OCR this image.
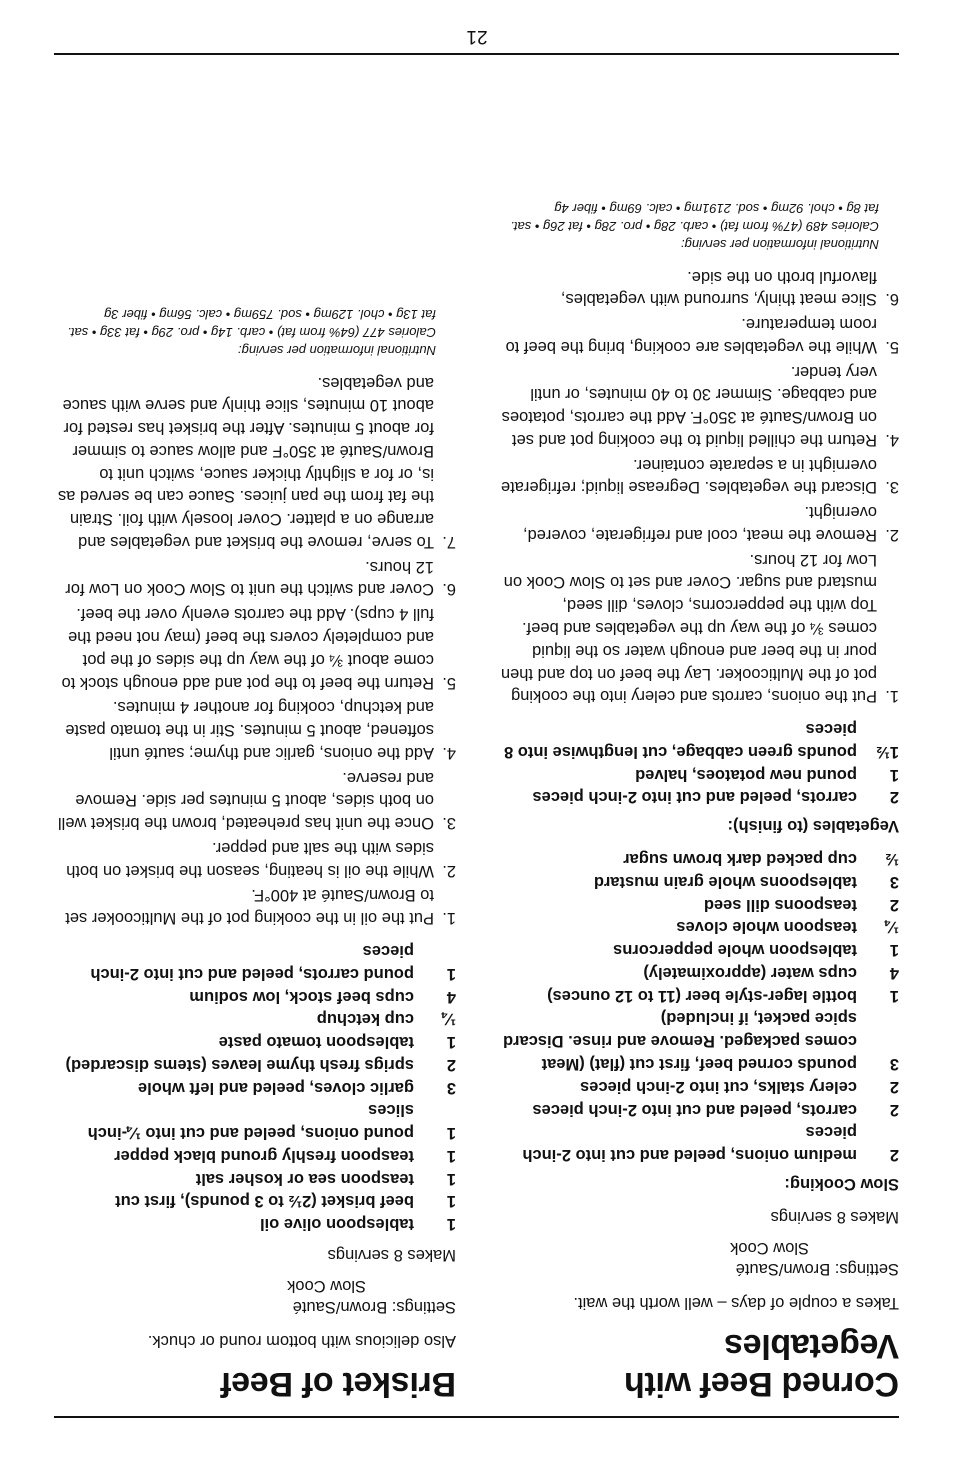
21
Corned Beef with Vegetables

Takes a couple of days – well worth the wait.

Settings: Brown/Sauté
Slow Cook

Makes 8 servings

Slow Cooking:
2
medium onions, peeled and cut into 2-inch pieces
2
carrots, peeled and cut into 2-inch pieces
2
celery stalks, cut into 2-inch pieces
3
pounds corned beef, first cut (flat) (Meat comes packaged. Remove and rinse. Discard spice packet, if included)
1
bottle lager-style beer (11 to 12 ounces)
4
cups water (approximately)
1
tablespoon whole peppercorns
¼
teaspoon whole cloves
2
teaspoons dill seed
3
tablespoons whole grain mustard
½
cup packed dark brown sugar
Vegetables (to finish):
2
carrots, peeled and cut into 2-inch pieces
1
pound new potatoes, halved
1½
pounds green cabbage, cut lengthwise into 8 pieces
1.
Put the onions, carrots and celery into the cooking pot of the Multicooker. Lay the beef on top and then pour in the beer and enough water so the liquid comes ¾ of the way up the vegetables and beef. Top with the peppercorns, cloves, dill seed, mustard and sugar. Cover and set to Slow Cook on Low for 12 hours.
2.
Remove the meat, cool and refrigerate, covered, overnight.
3.
Discard the vegetables. Degrease liquid; refrigerate overnight in a separate container.
4.
Return the chilled liquid to the cooking pot and set on Brown/Sauté at 350°F. Add the carrots, potatoes and cabbage. Simmer 30 to 40 minutes, or until very tender.
5.
While the vegetables are cooking, bring the beef to room temperature.
6.
Slice meat thinly, surround with vegetables, flavorful broth on the side.
Nutritional information per serving:
Calories 489 (47% from fat) • carb. 28g • pro. 28g • fat 26g • sat. fat 8g • chol. 92mg • sod. 2191mg • calc. 69mg • fiber 4g
Brisket of Beef

Also delicious with bottom round or chuck.

Settings: Brown/Sauté
Slow Cook

Makes 8 servings

1
tablespoon olive oil
1
beef brisket (2½ to 3 pounds), first cut
1
teaspoon sea or kosher salt
1
teaspoon freshly ground black pepper
1
pound onions, peeled and cut into ¼-inch slices
3
garlic cloves, peeled and left whole
2
sprigs fresh thyme leaves (stems discarded)
1
tablespoon tomato paste
¼
cup ketchup
4
cups beef stock, low sodium
1
pound carrots, peeled and cut into 2-inch pieces
1.
Put the oil in the cooking pot of the Multicooker set to Brown/Sauté at 400°F.
2.
While the oil is heating, season the brisket on both sides with the salt and pepper.
3.
Once the unit has preheated, brown the brisket well on both sides, about 5 minutes per side. Remove and reserve.
4.
Add the onions, garlic and thyme; sauté until softened, about 5 minutes. Stir in the tomato paste and ketchup, cooking for another 4 minutes.
5.
Return the beef to the pot and add enough stock to come about ¾ of the way up the sides of the pot and completely covers the beef (may not need the full 4 cups). Add the carrots evenly over the beef.
6.
Cover and switch the unit to Slow Cook on Low for 12 hours.
7.
To serve, remove the brisket and vegetables and arrange on a platter. Cover loosely with foil. Strain the fat from the pan juices. Sauce can be served as is, or for a slightly thicker sauce, switch unit to Brown/Sauté at 350°F and allow sauce to simmer for about 5 minutes. After the brisket has rested for about 10 minutes, slice thinly and serve with sauce and vegetables.
Nutritional information per serving:
Calories 477 (64% from fat) • carb. 14g • pro. 29g • fat 33g • sat. fat 13g • chol. 129mg • sod. 759mg • calc. 56mg • fiber 3g
